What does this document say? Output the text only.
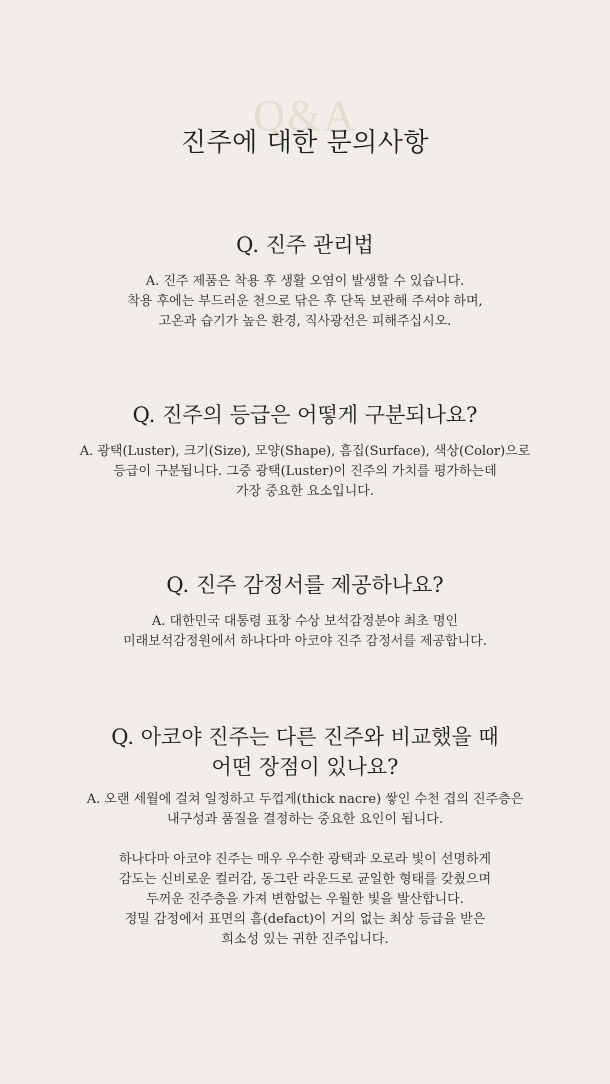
Q&A
진주에 대한 문의사항
Q. 진주 관리법

A. 진주 제품은 착용 후 생활 오염이 발생할 수 있습니다.
착용 후에는 부드러운 천으로 닦은 후 단독 보관해 주셔야 하며,
고온과 습기가 높은 환경, 직사광선은 피해주십시오.

Q. 진주의 등급은 어떻게 구분되나요?

A. 광택(Luster), 크기(Size), 모양(Shape), 흠집(Surface), 색상(Color)으로
등급이 구분됩니다. 그중 광택(Luster)이 진주의 가치를 평가하는데
가장 중요한 요소입니다.

Q. 진주 감정서를 제공하나요?

A. 대한민국 대통령 표창 수상 보석감정분야 최초 명인
미래보석감정원에서 하나다마 아코야 진주 감정서를 제공합니다.

Q. 아코야 진주는 다른 진주와 비교했을 때
어떤 장점이 있나요?

A. 오랜 세월에 걸쳐 일정하고 두껍게(thick nacre) 쌓인 수천 겹의 진주층은
내구성과 품질을 결정하는 중요한 요인이 됩니다.

하나다마 아코야 진주는 매우 우수한 광택과 오로라 빛이 선명하게
감도는 신비로운 컬러감, 동그란 라운드로 균일한 형태를 갖췄으며
두꺼운 진주층을 가져 변함없는 우월한 빛을 발산합니다.
정밀 감정에서 표면의 흠(defact)이 거의 없는 최상 등급을 받은
희소성 있는 귀한 진주입니다.
